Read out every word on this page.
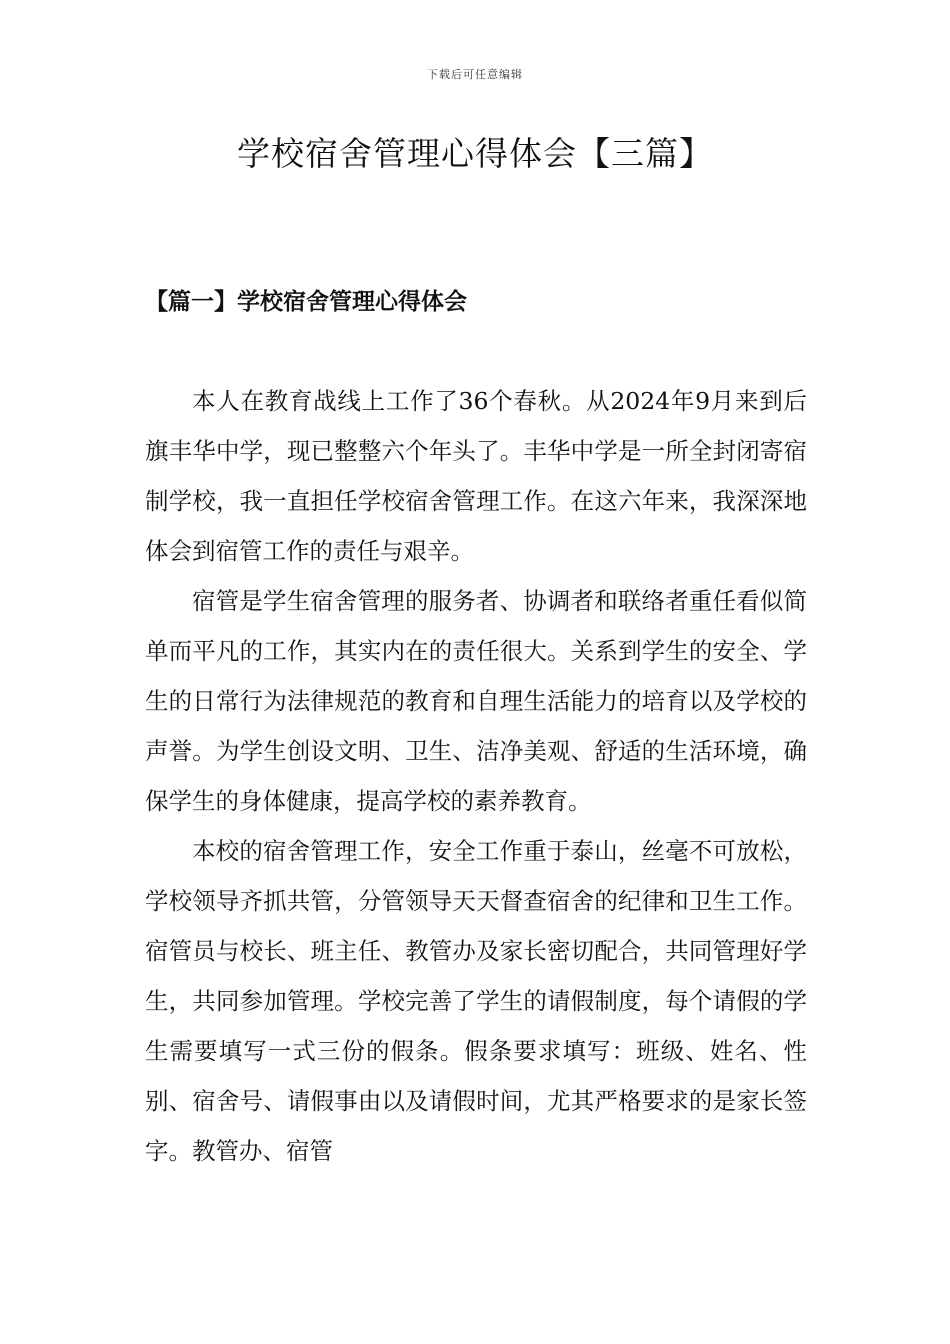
下载后可任意编辑
学校宿舍管理心得体会【三篇】
【篇一】学校宿舍管理心得体会

本人在教育战线上工作了36个春秋。从2024年9月来到后旗丰华中学，现已整整六个年头了。丰华中学是一所全封闭寄宿制学校，我一直担任学校宿舍管理工作。在这六年来，我深深地体会到宿管工作的责任与艰辛。

宿管是学生宿舍管理的服务者、协调者和联络者重任看似简单而平凡的工作，其实内在的责任很大。关系到学生的安全、学生的日常行为法律规范的教育和自理生活能力的培育以及学校的声誉。为学生创设文明、卫生、洁净美观、舒适的生活环境，确保学生的身体健康，提高学校的素养教育。

本校的宿舍管理工作，安全工作重于泰山，丝毫不可放松，学校领导齐抓共管，分管领导天天督查宿舍的纪律和卫生工作。宿管员与校长、班主任、教管办及家长密切配合，共同管理好学生，共同参加管理。学校完善了学生的请假制度，每个请假的学生需要填写一式三份的假条。假条要求填写：班级、姓名、性别、宿舍号、请假事由以及请假时间，尤其严格要求的是家长签字。教管办、宿管
